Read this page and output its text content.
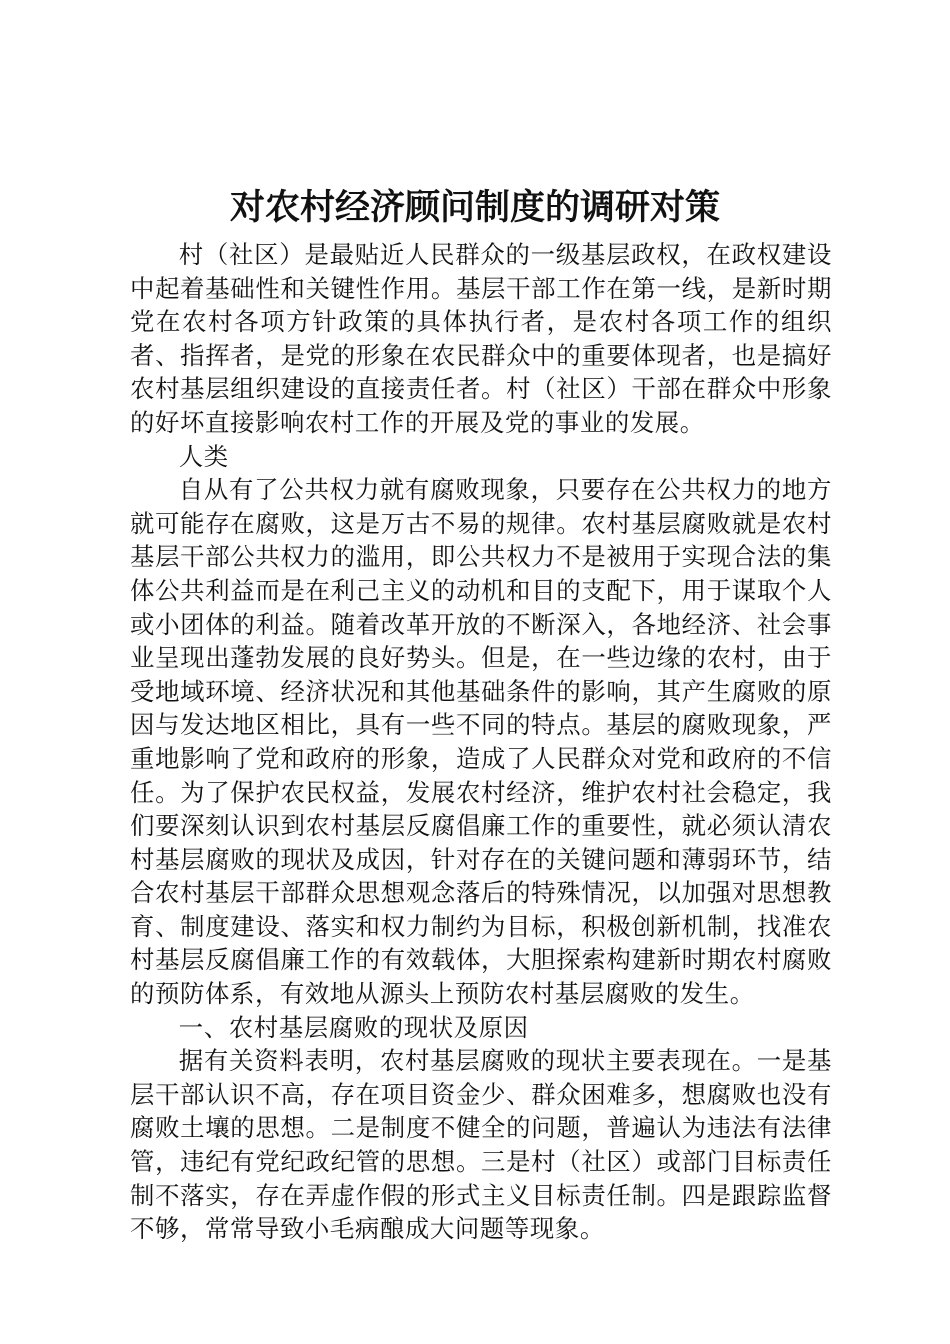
对农村经济顾问制度的调研对策

村（社区）是最贴近人民群众的一级基层政权，在政权建设中起着基础性和关键性作用。基层干部工作在第一线，是新时期党在农村各项方针政策的具体执行者，是农村各项工作的组织者、指挥者，是党的形象在农民群众中的重要体现者，也是搞好农村基层组织建设的直接责任者。村（社区）干部在群众中形象的好坏直接影响农村工作的开展及党的事业的发展。

人类

自从有了公共权力就有腐败现象，只要存在公共权力的地方就可能存在腐败，这是万古不易的规律。农村基层腐败就是农村基层干部公共权力的滥用，即公共权力不是被用于实现合法的集体公共利益而是在利己主义的动机和目的支配下，用于谋取个人或小团体的利益。随着改革开放的不断深入，各地经济、社会事业呈现出蓬勃发展的良好势头。但是，在一些边缘的农村，由于受地域环境、经济状况和其他基础条件的影响，其产生腐败的原因与发达地区相比，具有一些不同的特点。基层的腐败现象，严重地影响了党和政府的形象，造成了人民群众对党和政府的不信任。为了保护农民权益，发展农村经济，维护农村社会稳定，我们要深刻认识到农村基层反腐倡廉工作的重要性，就必须认清农村基层腐败的现状及成因，针对存在的关键问题和薄弱环节，结合农村基层干部群众思想观念落后的特殊情况，以加强对思想教育、制度建设、落实和权力制约为目标，积极创新机制，找准农村基层反腐倡廉工作的有效载体，大胆探索构建新时期农村腐败的预防体系，有效地从源头上预防农村基层腐败的发生。

一、农村基层腐败的现状及原因

据有关资料表明，农村基层腐败的现状主要表现在。一是基层干部认识不高，存在项目资金少、群众困难多，想腐败也没有腐败土壤的思想。二是制度不健全的问题，普遍认为违法有法律管，违纪有党纪政纪管的思想。三是村（社区）或部门目标责任制不落实，存在弄虚作假的形式主义目标责任制。四是跟踪监督不够，常常导致小毛病酿成大问题等现象。
